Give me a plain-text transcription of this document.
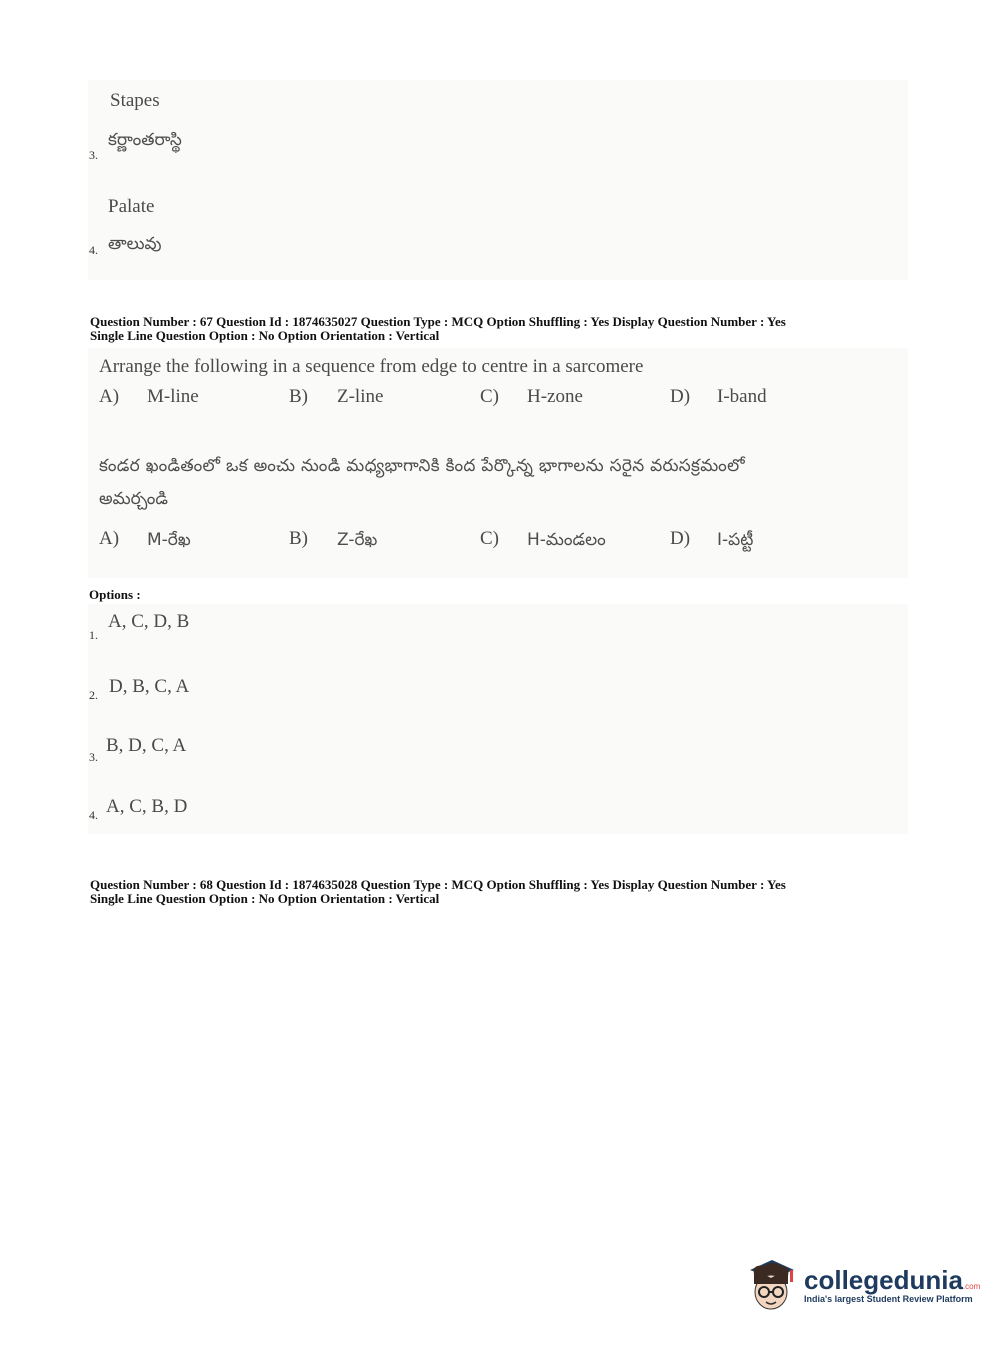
Stapes
3.
కర్ణాంతరాస్థి
Palate
4. తాలువు
Question Number : 67 Question Id : 1874635027 Question Type : MCQ Option Shuffling : Yes Display Question Number : Yes
Single Line Question Option : No Option Orientation : Vertical
Arrange the following in a sequence from edge to centre in a sarcomere
A) M-line	B) Z-line	C) H-zone	D) I-band
కండర ఖండితంలో ఒక అంచు నుండి మధ్యభాగానికి కింద పేర్కొన్న భాగాలను సరైన వరుసక్రమంలో
అమర్చండి
A) M-రేఖ	B) Z-రేఖ	C) H-మండలం	D) I-పట్టీ
Options :
A, C, D, B
1.
D, B, C, A
2.
B, D, C, A
3.
A, C, B, D
4.
Question Number : 68 Question Id : 1874635028 Question Type : MCQ Option Shuffling : Yes Display Question Number : Yes
Single Line Question Option : No Option Orientation : Vertical
collegedunia.com
India's largest Student Review Platform
